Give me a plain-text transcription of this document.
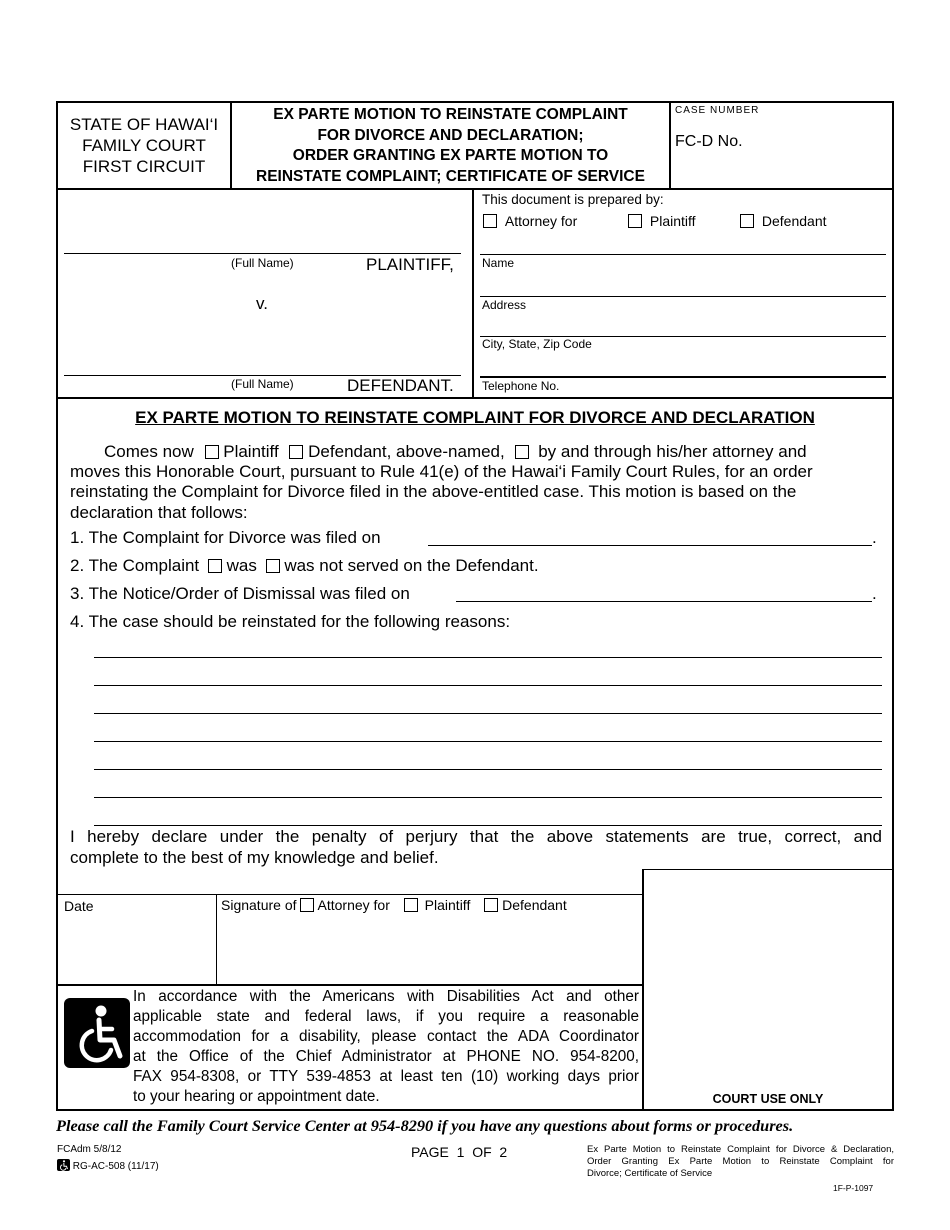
STATE OF HAWAI‘I
FAMILY COURT
FIRST CIRCUIT
EX PARTE MOTION TO REINSTATE COMPLAINT
FOR DIVORCE AND DECLARATION;
ORDER GRANTING EX PARTE MOTION TO
REINSTATE COMPLAINT; CERTIFICATE OF SERVICE
CASE NUMBER
FC-D No.
(Full Name)	PLAINTIFF,
v.
(Full Name)	DEFENDANT.
This document is prepared by:
Attorney for	Plaintiff	Defendant
Name
Address
City, State, Zip Code
Telephone No.
EX PARTE MOTION TO REINSTATE COMPLAINT FOR DIVORCE AND DECLARATION
Comes now Plaintiff Defendant, above-named, by and through his/her attorney and
moves this Honorable Court, pursuant to Rule 41(e) of the Hawai‘i Family Court Rules, for an order
reinstating the Complaint for Divorce filed in the above-entitled case. This motion is based on the
declaration that follows:
1. The Complaint for Divorce was filed on	.
2. The Complaint was was not served on the Defendant.
3. The Notice/Order of Dismissal was filed on	.
4. The case should be reinstated for the following reasons:
I hereby declare under the penalty of perjury that the above statements are true, correct, and
complete to the best of my knowledge and belief.
COURT USE ONLY
Date	Signature of Attorney for Plaintiff Defendant
In accordance with the Americans with Disabilities Act and other
applicable state and federal laws, if you require a reasonable
accommodation for a disability, please contact the ADA Coordinator
at the Office of the Chief Administrator at PHONE NO. 954-8200,
FAX 954-8308, or TTY 539-4853 at least ten (10) working days prior
to your hearing or appointment date.
Please call the Family Court Service Center at 954-8290 if you have any questions about forms or procedures.
FCAdm 5/8/12
RG-AC-508 (11/17)
PAGE  1  OF  2	Ex Parte Motion to Reinstate Complaint for Divorce & Declaration,
Order Granting Ex Parte Motion to Reinstate Complaint for
Divorce; Certificate of Service
1F-P-1097
